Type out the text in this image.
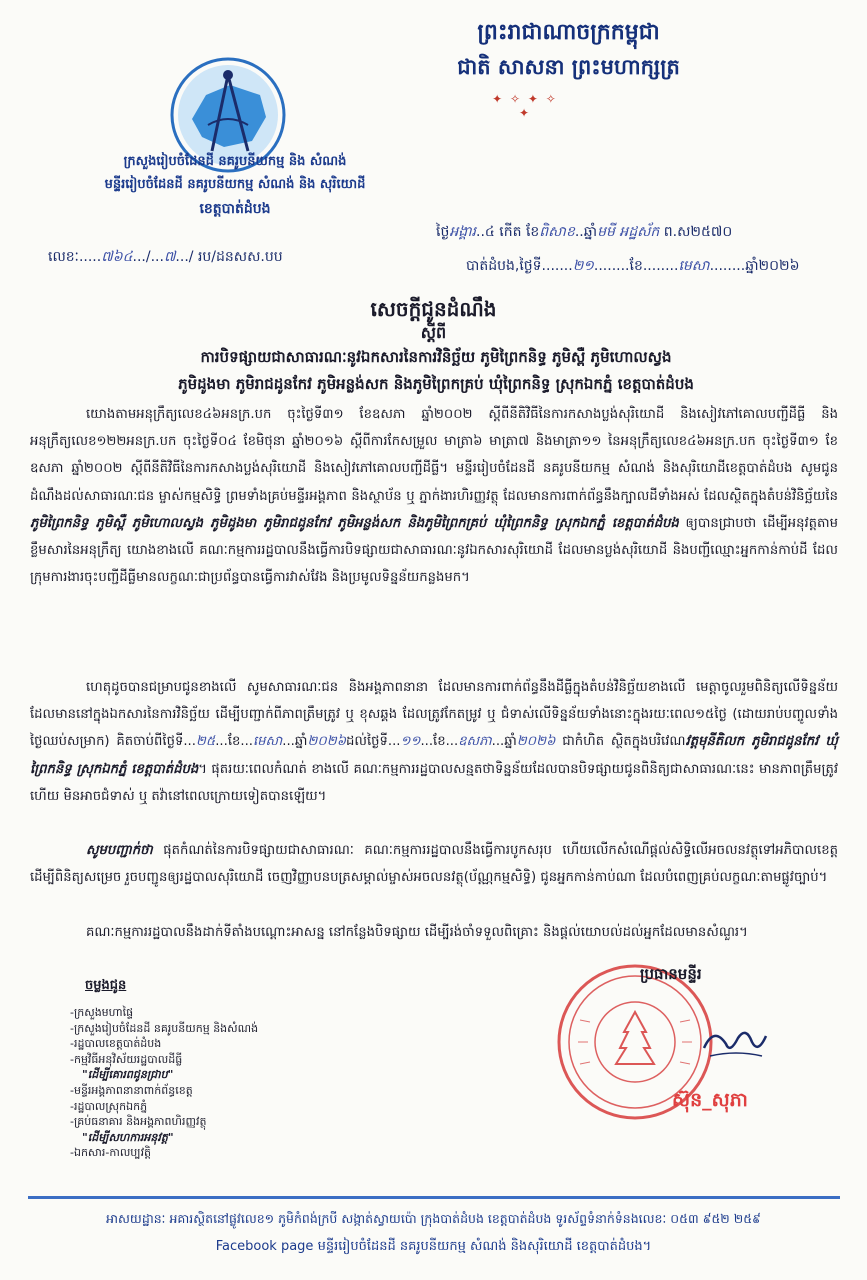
ព្រះរាជាណាចក្រកម្ពុជា
ជាតិ សាសនា ព្រះមហាក្សត្រ
✦ ✧ ✦ ✧ ✦
ក្រសួងរៀបចំដែនដី នគរូបនីយកម្ម និង សំណង់
មន្ទីររៀបចំដែនដី នគរូបនីយកម្ម សំណង់ និង សុរិយោដី
ខេត្តបាត់ដំបង
លេខៈ.....៧៦៤.../...៧.../ រប/ដនសស.បប
ថ្ងៃអង្គារ..៤ កើត ខែពិសាខ..ឆ្នាំមមី អដ្ឋស័ក ព.ស២៥៧០
បាត់ដំបង,ថ្ងៃទី.......២១........ខែ........មេសា........ឆ្នាំ២០២៦
សេចក្តីជូនដំណឹង
ស្តីពី
ការបិទផ្សាយជាសាធារណៈនូវឯកសារនៃការវិនិច្ឆ័យ ភូមិព្រៃកនិទ្ធ ភូមិស្ពឺ ភូមិហោលស្វង
ភូមិដូងមា ភូមិរាជដូនកែវ ភូមិអន្លង់សក និងភូមិព្រៃកគ្រប់ ឃុំព្រៃកនិទ្ធ ស្រុកឯកភ្នំ ខេត្តបាត់ដំបង
យោងតាមអនុក្រឹត្យលេខ៤៦អនក្រ.បក ចុះថ្ងៃទី៣១ ខែឧសភា ឆ្នាំ២០០២ ស្តីពីនីតិវិធីនៃការកសាងប្លង់សុរិយោដី និងសៀវភៅគោលបញ្ជីដីធ្លី និងអនុក្រឹត្យលេខ១២២អនក្រ.បក ចុះថ្ងៃទី០៤ ខែមិថុនា ឆ្នាំ២០១៦ ស្តីពីការកែសម្រួល មាត្រា៦ មាត្រា៧ និងមាត្រា១១ នៃអនុក្រឹត្យលេខ៤៦អនក្រ.បក ចុះថ្ងៃទី៣១ ខែឧសភា ឆ្នាំ២០០២ ស្តីពីនីតិវិធីនៃការកសាងប្លង់សុរិយោដី និងសៀវភៅគោលបញ្ជីដីធ្លី។ មន្ទីររៀបចំដែនដី នគរូបនីយកម្ម សំណង់ និងសុរិយោដីខេត្តបាត់ដំបង សូមជូនដំណឹងដល់សាធារណៈជន ម្ចាស់កម្មសិទ្ធិ ព្រមទាំងគ្រប់មន្ទីរអង្គភាព និងស្ថាប័ន ឬ ភ្នាក់ងារហិរញ្ញវត្ថុ ដែលមានការពាក់ព័ន្ធនឹងក្បាលដីទាំងអស់ ដែលស្ថិតក្នុងតំបន់វិនិច្ឆ័យនៃ ភូមិព្រៃកនិទ្ធ ភូមិស្ពឺ ភូមិហោលស្វង ភូមិដូងមា ភូមិរាជដូនកែវ ភូមិអន្លង់សក និងភូមិព្រៃកគ្រប់ ឃុំព្រៃកនិទ្ធ ស្រុកឯកភ្នំ ខេត្តបាត់ដំបង ឲ្យបានជ្រាបថា ដើម្បីអនុវត្តតាមខ្លឹមសារនៃអនុក្រឹត្យ យោងខាងលើ គណៈកម្មការរដ្ឋបាលនឹងធ្វើការបិទផ្សាយជាសាធារណៈនូវឯកសារសុរិយោដី ដែលមានប្លង់សុរិយោដី និងបញ្ជីឈ្មោះអ្នកកាន់កាប់ដី ដែលក្រុមការងារចុះបញ្ជីដីធ្លីមានលក្ខណៈជាប្រព័ន្ធបានធ្វើការវាស់វែង និងប្រមូលទិន្នន័យកន្លងមក។
ហេតុដូចបានជម្រាបជូនខាងលើ សូមសាធារណៈជន និងអង្គភាពនានា ដែលមានការពាក់ព័ន្ធនឹងដីធ្លីក្នុងតំបន់វិនិច្ឆ័យខាងលើ មេត្តាចូលរួមពិនិត្យលើទិន្នន័យ ដែលមាននៅក្នុងឯកសារនៃការវិនិច្ឆ័យ ដើម្បីបញ្ជាក់ពីភាពត្រឹមត្រូវ ឬ ខុសឆ្គង ដែលត្រូវកែតម្រូវ ឬ ជំទាស់លើទិន្នន័យទាំងនោះក្នុងរយៈពេល១៥ថ្ងៃ (ដោយរាប់បញ្ចូលទាំងថ្ងៃឈប់សម្រាក) គិតចាប់ពីថ្ងៃទី...២៥...ខែ...មេសា...ឆ្នាំ២០២៦ដល់ថ្ងៃទី...១១...ខែ...ឧសភា...ឆ្នាំ២០២៦ ជាកំហិត ស្ថិតក្នុងបរិវេណវត្តមុនីតិលក ភូមិរាជដូនកែវ ឃុំព្រៃកនិទ្ធ ស្រុកឯកភ្នំ ខេត្តបាត់ដំបង។ ផុតរយៈពេលកំណត់ ខាងលើ គណៈកម្មការរដ្ឋបាលសន្មតថាទិន្នន័យដែលបានបិទផ្សាយជូនពិនិត្យជាសាធារណៈនេះ មានភាពត្រឹមត្រូវហើយ មិនអាចជំទាស់ ឬ តវ៉ានៅពេលក្រោយទៀតបានឡើយ។
សូមបញ្ជាក់ថា ផុតកំណត់នៃការបិទផ្សាយជាសាធារណៈ គណៈកម្មការរដ្ឋបាលនឹងធ្វើការបូកសរុប ហើយលើកសំណើផ្តល់សិទ្ធិលើអចលនវត្ថុទៅអភិបាលខេត្ត ដើម្បីពិនិត្យសម្រេច រួចបញ្ជូនឲ្យរដ្ឋបាលសុរិយោដី ចេញវិញ្ញាបនបត្រសម្គាល់ម្ចាស់អចលនវត្ថុ(ប័ណ្ណកម្មសិទ្ធិ) ជូនអ្នកកាន់កាប់ណា ដែលបំពេញគ្រប់លក្ខណៈតាមផ្លូវច្បាប់។
គណៈកម្មការរដ្ឋបាលនឹងដាក់ទីតាំងបណ្តោះអាសន្ន នៅកន្លែងបិទផ្សាយ ដើម្បីរង់ចាំទទួលពិគ្រោះ និងផ្តល់យោបល់ដល់អ្នកដែលមានសំណួរ។
ចម្លងជូន
-ក្រសួងមហាផ្ទៃ
-ក្រសួងរៀបចំដែនដី នគរូបនីយកម្ម និងសំណង់
-រដ្ឋបាលខេត្តបាត់ដំបង
-កម្មវិធីអនុវិស័យរដ្ឋបាលដីធ្លី
"ដើម្បីគោរពជូនជ្រាប"
-មន្ទីរអង្គភាពនានាពាក់ព័ន្ធខេត្ត
-រដ្ឋបាលស្រុកឯកភ្នំ
-គ្រប់ធនាគារ និងអង្គភាពហិរញ្ញវត្ថុ
"ដើម្បីសហការអនុវត្ត"
-ឯកសារ-កាលប្បវត្តិ
ប្រធានមន្ទីរ
ស៊ុន_សុភា
អាសយដ្ឋានៈ អគារស្ថិតនៅផ្លូវលេខ១ ភូមិកំពង់ក្របី សង្កាត់ស្វាយប៉ោ ក្រុងបាត់ដំបង ខេត្តបាត់ដំបង ទូរស័ព្ទទំនាក់ទំនងលេខៈ ០៥៣ ៩៥២ ២៥៩
Facebook page មន្ទីររៀបចំដែនដី នគរូបនីយកម្ម សំណង់ និងសុរិយោដី ខេត្តបាត់ដំបង។
